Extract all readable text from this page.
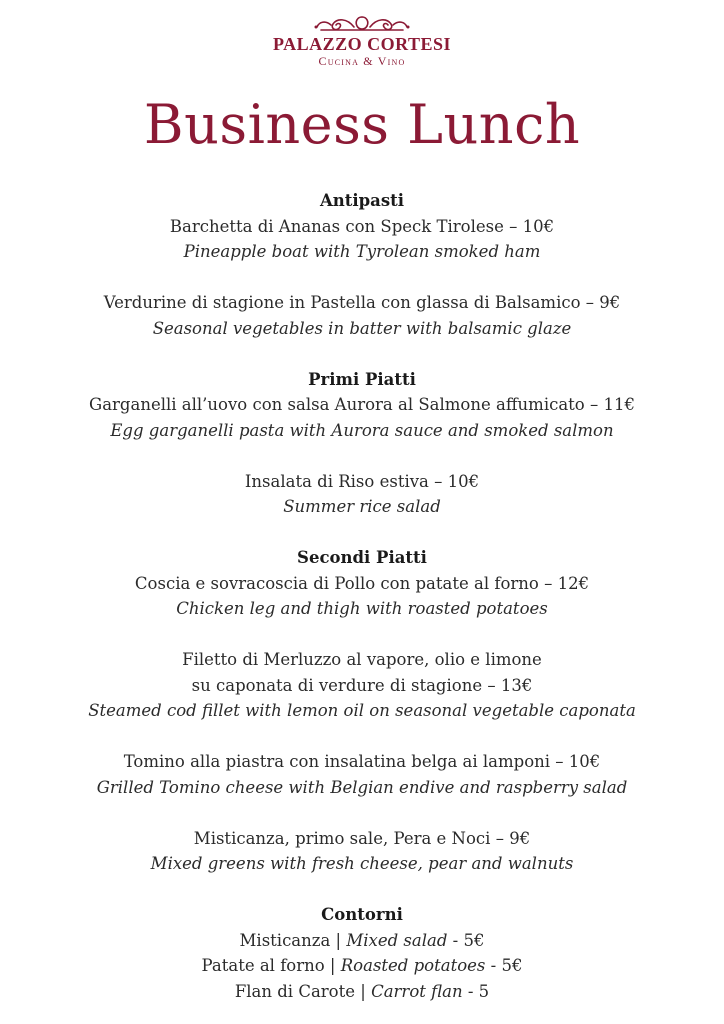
PALAZZO CORTESI
Cucina & Vino
Business Lunch
Antipasti
Barchetta di Ananas con Speck Tirolese – 10€
Pineapple boat with Tyrolean smoked ham
Verdurine di stagione in Pastella con glassa di Balsamico – 9€
Seasonal vegetables in batter with balsamic glaze
Primi Piatti
Garganelli all’uovo con salsa Aurora al Salmone affumicato – 11€
Egg garganelli pasta with Aurora sauce and smoked salmon
Insalata di Riso estiva – 10€
Summer rice salad
Secondi Piatti
Coscia e sovracoscia di Pollo con patate al forno – 12€
Chicken leg and thigh with roasted potatoes
Filetto di Merluzzo al vapore, olio e limone
su caponata di verdure di stagione – 13€
Steamed cod fillet with lemon oil on seasonal vegetable caponata
Tomino alla piastra con insalatina belga ai lamponi – 10€
Grilled Tomino cheese with Belgian endive and raspberry salad
Misticanza, primo sale, Pera e Noci – 9€
Mixed greens with fresh cheese, pear and walnuts
Contorni
Misticanza | Mixed salad - 5€
Patate al forno | Roasted potatoes - 5€
Flan di Carote | Carrot flan - 5
